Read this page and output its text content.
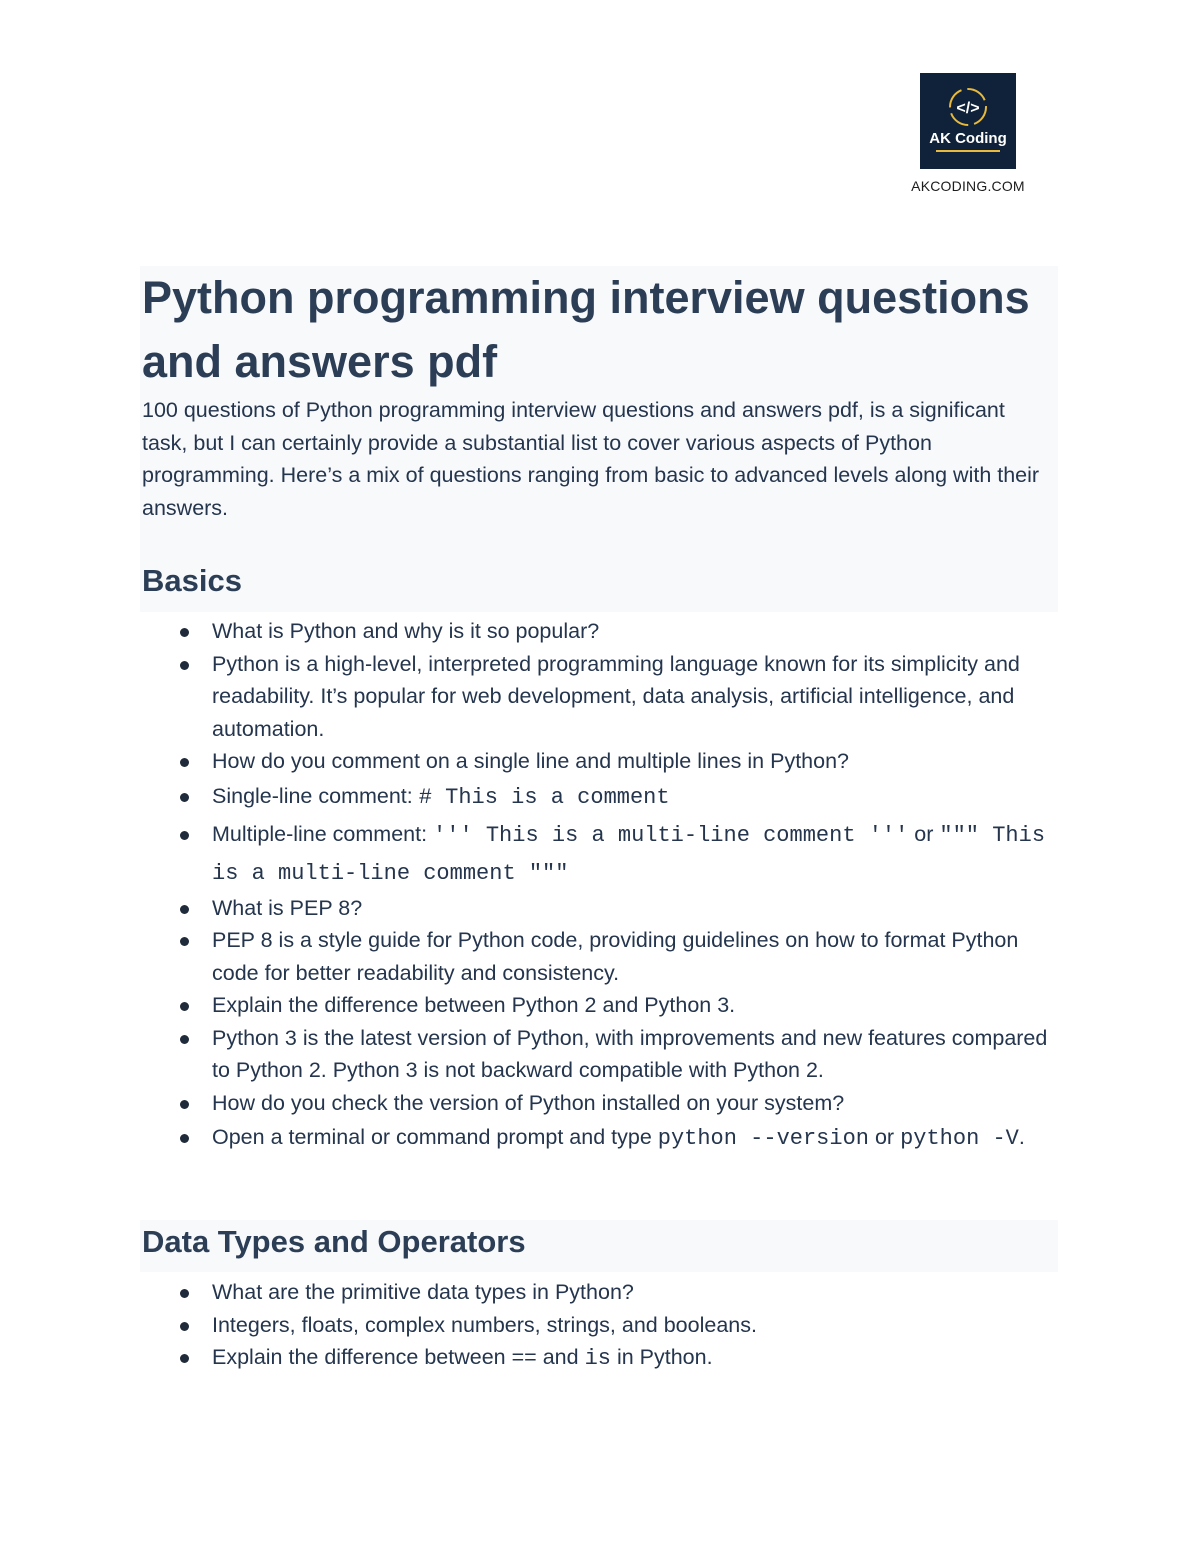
</>
AK Coding
AKCODING.COM
Python programming interview questions and answers pdf

100 questions of Python programming interview questions and answers pdf, is a significant task, but I can certainly provide a substantial list to cover various aspects of Python programming. Here’s a mix of questions ranging from basic to advanced levels along with their answers.

Basics
What is Python and why is it so popular?
Python is a high-level, interpreted programming language known for its simplicity and readability. It’s popular for web development, data analysis, artificial intelligence, and automation.
How do you comment on a single line and multiple lines in Python?
Single-line comment: # This is a comment
Multiple-line comment: ''' This is a multi-line comment ''' or """ This is a multi-line comment """
What is PEP 8?
PEP 8 is a style guide for Python code, providing guidelines on how to format Python code for better readability and consistency.
Explain the difference between Python 2 and Python 3.
Python 3 is the latest version of Python, with improvements and new features compared to Python 2. Python 3 is not backward compatible with Python 2.
How do you check the version of Python installed on your system?
Open a terminal or command prompt and type python --version or python -V.
Data Types and Operators
What are the primitive data types in Python?
Integers, floats, complex numbers, strings, and booleans.
Explain the difference between == and is in Python.
